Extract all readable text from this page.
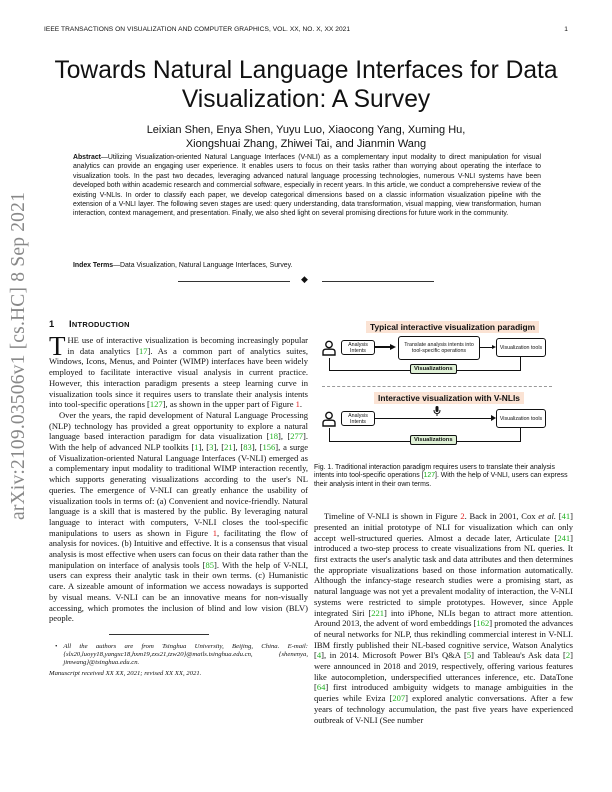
IEEE TRANSACTIONS ON VISUALIZATION AND COMPUTER GRAPHICS, VOL. XX, NO. X, XX 2021	1
Towards Natural Language Interfaces for Data Visualization: A Survey
Leixian Shen, Enya Shen, Yuyu Luo, Xiaocong Yang, Xuming Hu,
Xiongshuai Zhang, Zhiwei Tai, and Jianmin Wang
Abstract—Utilizing Visualization-oriented Natural Language Interfaces (V-NLI) as a complementary input modality to direct manipulation for visual analytics can provide an engaging user experience. It enables users to focus on their tasks rather than worrying about operating the interface to visualization tools. In the past two decades, leveraging advanced natural language processing technologies, numerous V-NLI systems have been developed both within academic research and commercial software, especially in recent years. In this article, we conduct a comprehensive review of the existing V-NLIs. In order to classify each paper, we develop categorical dimensions based on a classic information visualization pipeline with the extension of a V-NLI layer. The following seven stages are used: query understanding, data transformation, visual mapping, view transformation, human interaction, context management, and presentation. Finally, we also shed light on several promising directions for future work in the community.
Index Terms—Data Visualization, Natural Language Interfaces, Survey.
◆
arXiv:2109.03506v1 [cs.HC] 8 Sep 2021 1 INTRODUCTION

THE use of interactive visualization is becoming increasingly popular in data analytics [17]. As a common part of analytics suites, Windows, Icons, Menus, and Pointer (WIMP) interfaces have been widely employed to facilitate interactive visual analysis in current practice. However, this interaction paradigm presents a steep learning curve in visualization tools since it requires users to translate their analysis intents into tool-specific operations [127], as shown in the upper part of Figure 1.

Over the years, the rapid development of Natural Language Processing (NLP) technology has provided a great opportunity to explore a natural language based interaction paradigm for data visualization [18], [277]. With the help of advanced NLP toolkits [1], [3], [21], [83], [156], a surge of Visualization-oriented Natural Language Interfaces (V-NLI) emerged as a complementary input modality to traditional WIMP interaction recently, which supports generating visualizations according to the user's NL queries. The emergence of V-NLI can greatly enhance the usability of visualization tools in terms of: (a) Convenient and novice-friendly. Natural language is a skill that is mastered by the public. By leveraging natural language to interact with computers, V-NLI closes the tool-specific manipulations to users as shown in Figure 1, facilitating the flow of analysis for novices. (b) Intuitive and effective. It is a consensus that visual analysis is most effective when users can focus on their data rather than the manipulation on interface of analysis tools [85]. With the help of V-NLI, users can express their analytic task in their own terms. (c) Humanistic care. A sizeable amount of information we access nowadays is supported by visual means. V-NLI can be an innovative means for non-visually accessing, which promotes the inclusion of blind and low vision (BLV) people.

• All the authors are from Tsinghua University, Beijing, China. E-mail: {slx20,luoyy18,yangxc18,hxm19,zxs21,tzw20}@mails.tsinghua.edu.cn, {shenenya, jimwang}@tsinghua.edu.cn.
Manuscript received XX XX, 2021; revised XX XX, 2021.
Typical interactive visualization paradigm
Analysis Intents
Translate analysis intents into tool-specific operations
Visualization tools
Visualizations
Interactive visualization with V-NLIs
Analysis Intents	Visualization tools
Visualizations

Fig. 1. Traditional interaction paradigm requires users to translate their analysis intents into tool-specific operations [127]. With the help of V-NLI, users can express their analysis intent in their own terms.

Timeline of V-NLI is shown in Figure 2. Back in 2001, Cox et al. [41] presented an initial prototype of NLI for visualization which can only accept well-structured queries. Almost a decade later, Articulate [241] introduced a two-step process to create visualizations from NL queries. It first extracts the user's analytic task and data attributes and then determines the appropriate visualizations based on those information automatically. Although the infancy-stage research studies were a promising start, as natural language was not yet a prevalent modality of interaction, the V-NLI systems were restricted to simple prototypes. However, since Apple integrated Siri [221] into iPhone, NLIs began to attract more attention. Around 2013, the advent of word embeddings [162] promoted the advances of neural networks for NLP, thus rekindling commercial interest in V-NLI. IBM firstly published their NL-based cognitive service, Watson Analytics [4], in 2014. Microsoft Power BI's Q&A [5] and Tableau's Ask data [2] were announced in 2018 and 2019, respectively, offering various features like autocompletion, underspecified utterances inference, etc. DataTone [64] first introduced ambiguity widgets to manage ambiguities in the queries while Eviza [207] explored analytic conversations. After a few years of technology accumulation, the past five years have experienced outbreak of V-NLI (See number
